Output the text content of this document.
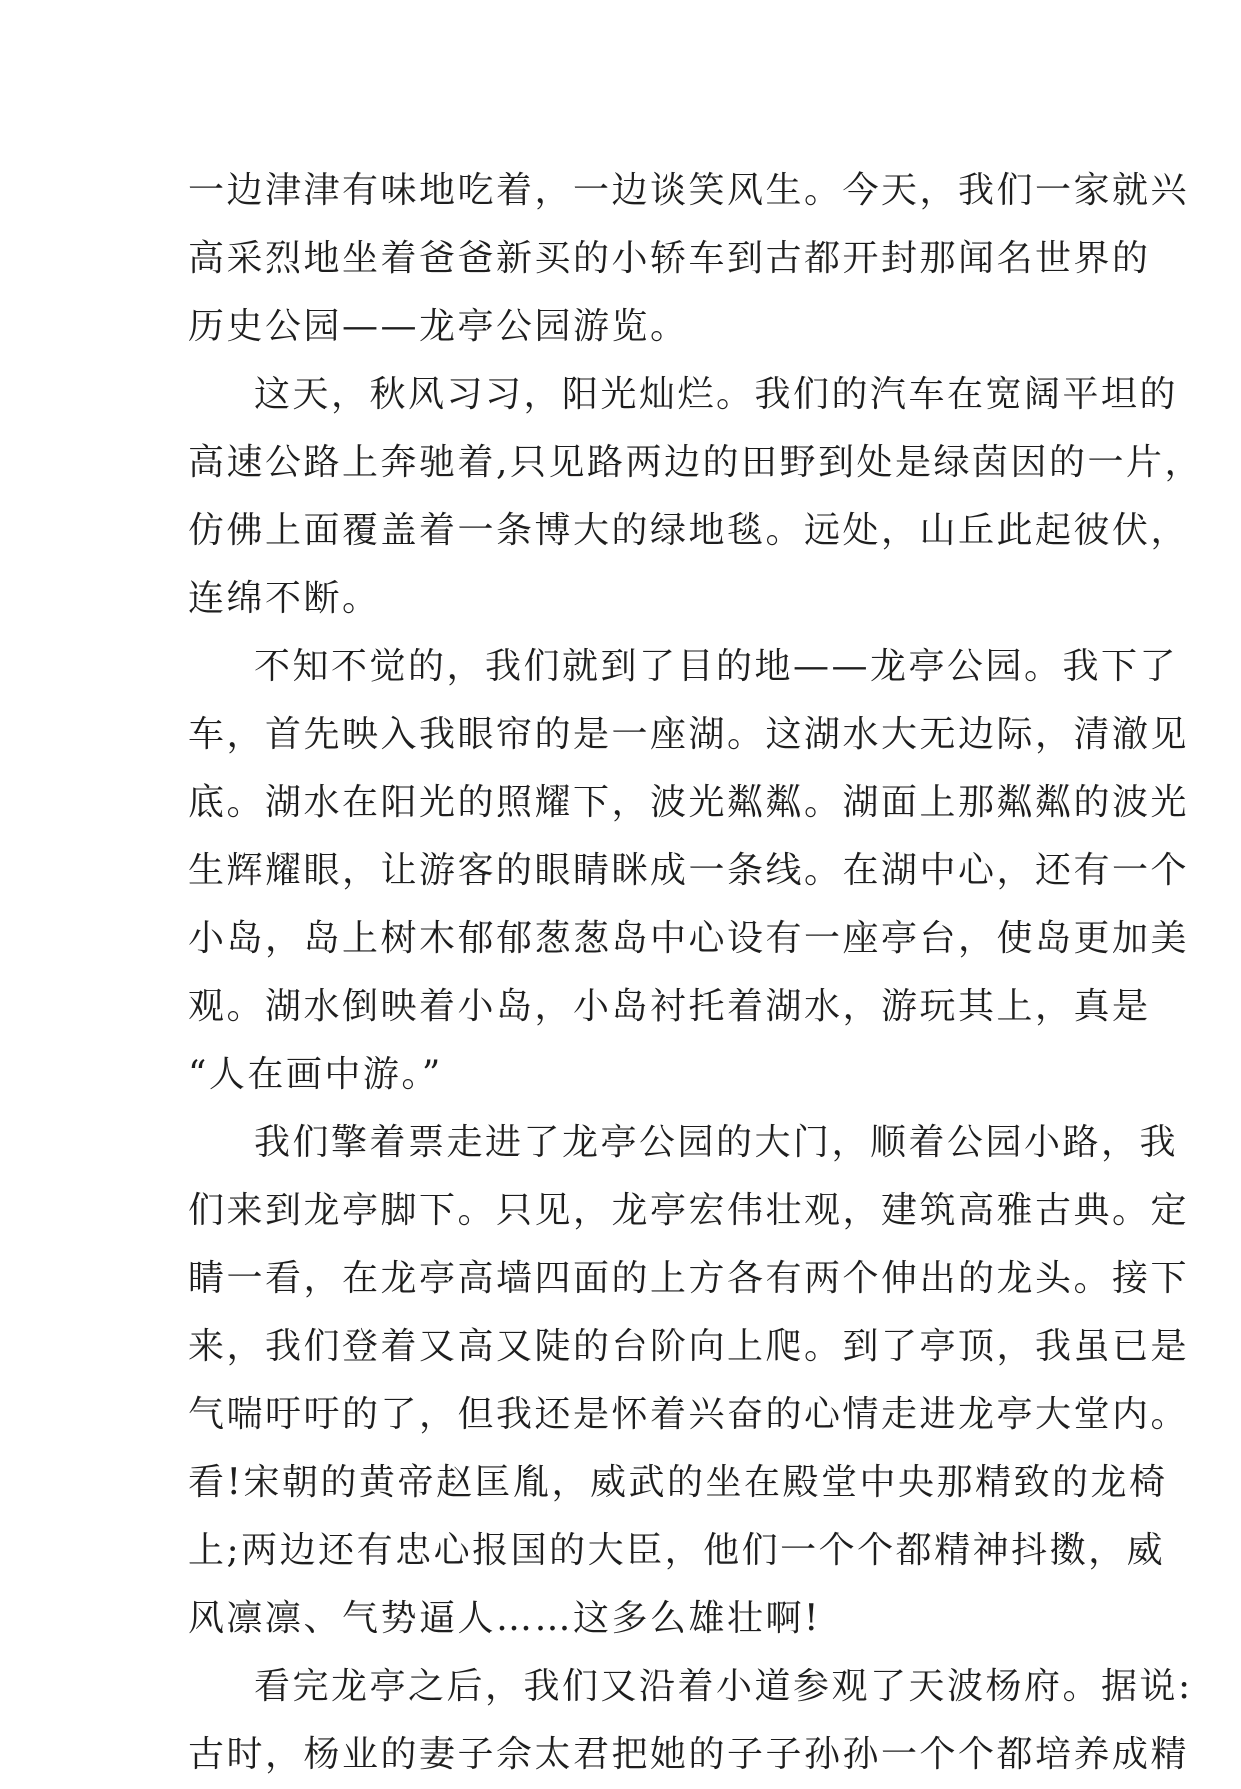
一边津津有味地吃着，一边谈笑风生。今天，我们一家就兴
高采烈地坐着爸爸新买的小轿车到古都开封那闻名世界的
历史公园——龙亭公园游览。
这天，秋风习习，阳光灿烂。我们的汽车在宽阔平坦的
高速公路上奔驰着,只见路两边的田野到处是绿茵因的一片，
仿佛上面覆盖着一条博大的绿地毯。远处，山丘此起彼伏，
连绵不断。
不知不觉的，我们就到了目的地——龙亭公园。我下了
车，首先映入我眼帘的是一座湖。这湖水大无边际，清澈见
底。湖水在阳光的照耀下，波光粼粼。湖面上那粼粼的波光
生辉耀眼，让游客的眼睛眯成一条线。在湖中心，还有一个
小岛，岛上树木郁郁葱葱岛中心设有一座亭台，使岛更加美
观。湖水倒映着小岛，小岛衬托着湖水，游玩其上，真是
“人在画中游。”
我们擎着票走进了龙亭公园的大门，顺着公园小路，我
们来到龙亭脚下。只见，龙亭宏伟壮观，建筑高雅古典。定
睛一看，在龙亭高墙四面的上方各有两个伸出的龙头。接下
来，我们登着又高又陡的台阶向上爬。到了亭顶，我虽已是
气喘吁吁的了，但我还是怀着兴奋的心情走进龙亭大堂内。
看!宋朝的黄帝赵匡胤，威武的坐在殿堂中央那精致的龙椅
上;两边还有忠心报国的大臣，他们一个个都精神抖擞，威
风凛凛、气势逼人……这多么雄壮啊!
看完龙亭之后，我们又沿着小道参观了天波杨府。据说:
古时，杨业的妻子佘太君把她的子子孙孙一个个都培养成精
